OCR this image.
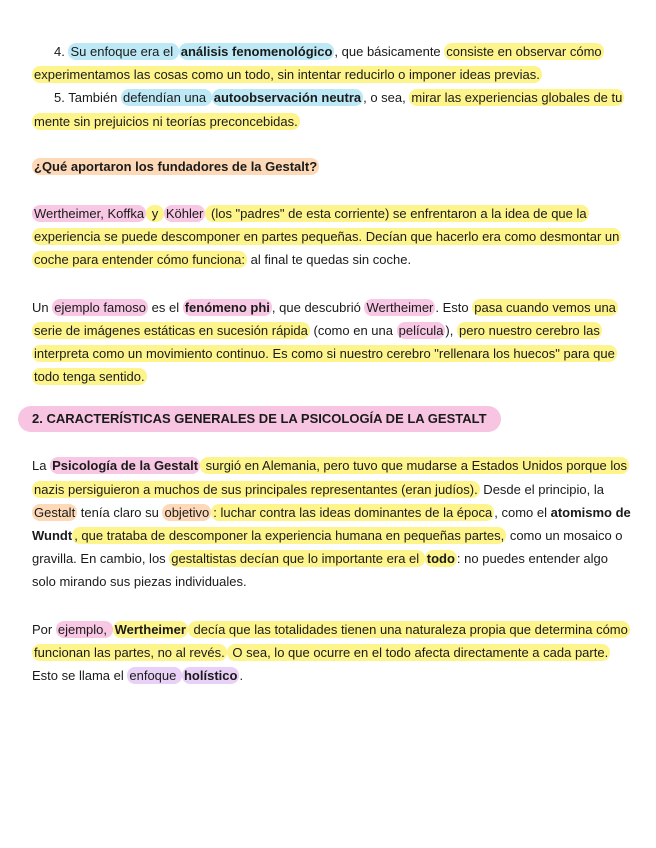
4. Su enfoque era el análisis fenomenológico , que básicamente consiste en observar cómo experimentamos las cosas como un todo, sin intentar reducirlo o imponer ideas previas.

5. También defendían una autoobservación neutra , o sea, mirar las experiencias globales de tu mente sin prejuicios ni teorías preconcebidas.

¿Qué aportaron los fundadores de la Gestalt?

Wertheimer, Koffka y Köhler (los "padres" de esta corriente) se enfrentaron a la idea de que la experiencia se puede descomponer en partes pequeñas. Decían que hacerlo era como desmontar un coche para entender cómo funciona: al final te quedas sin coche.

Un ejemplo famoso es el fenómeno phi , que descubrió Wertheimer . Esto pasa cuando vemos una serie de imágenes estáticas en sucesión rápida (como en una película ), pero nuestro cerebro las interpreta como un movimiento continuo. Es como si nuestro cerebro "rellenara los huecos" para que todo tenga sentido.

2. CARACTERÍSTICAS GENERALES DE LA PSICOLOGÍA DE LA GESTALT

La Psicología de la Gestalt surgió en Alemania, pero tuvo que mudarse a Estados Unidos porque los nazis persiguieron a muchos de sus principales representantes (eran judíos). Desde el principio, la Gestalt tenía claro su objetivo : luchar contra las ideas dominantes de la época , como el atomismo de Wundt , que trataba de descomponer la experiencia humana en pequeñas partes, como un mosaico o gravilla. En cambio, los gestaltistas decían que lo importante era el todo : no puedes entender algo solo mirando sus piezas individuales.

Por ejemplo, Wertheimer decía que las totalidades tienen una naturaleza propia que determina cómo funcionan las partes, no al revés. O sea, lo que ocurre en el todo afecta directamente a cada parte. Esto se llama el enfoque holístico .
